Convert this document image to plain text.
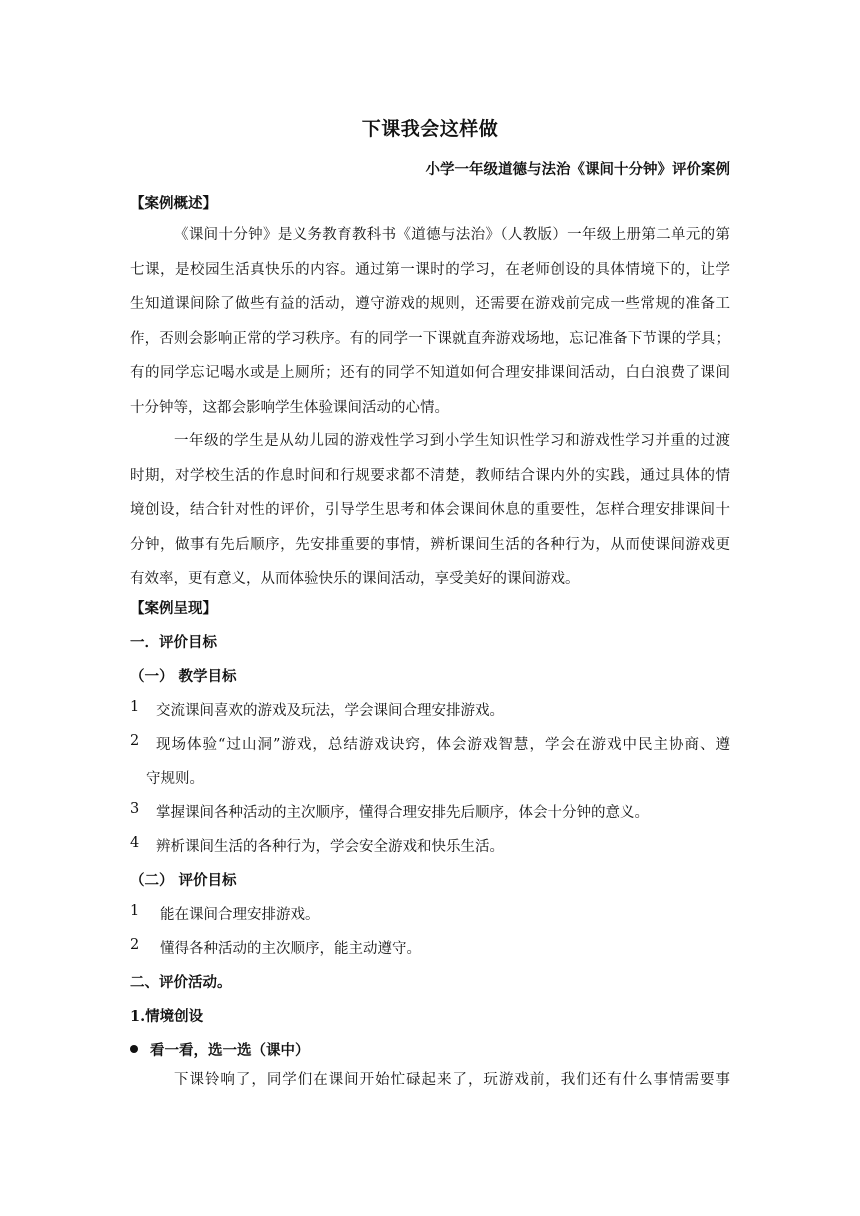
下课我会这样做
小学一年级道德与法治《课间十分钟》评价案例
【案例概述】
《课间十分钟》是义务教育教科书《道德与法治》（人教版）一年级上册第二单元的第
七课，是校园生活真快乐的内容。通过第一课时的学习，在老师创设的具体情境下的，让学
生知道课间除了做些有益的活动，遵守游戏的规则，还需要在游戏前完成一些常规的准备工
作，否则会影响正常的学习秩序。有的同学一下课就直奔游戏场地，忘记准备下节课的学具；
有的同学忘记喝水或是上厕所；还有的同学不知道如何合理安排课间活动，白白浪费了课间
十分钟等，这都会影响学生体验课间活动的心情。
一年级的学生是从幼儿园的游戏性学习到小学生知识性学习和游戏性学习并重的过渡
时期，对学校生活的作息时间和行规要求都不清楚，教师结合课内外的实践，通过具体的情
境创设，结合针对性的评价，引导学生思考和体会课间休息的重要性，怎样合理安排课间十
分钟，做事有先后顺序，先安排重要的事情，辨析课间生活的各种行为，从而使课间游戏更
有效率，更有意义，从而体验快乐的课间活动，享受美好的课间游戏。
【案例呈现】
一．评价目标
（一） 教学目标
1 交流课间喜欢的游戏及玩法，学会课间合理安排游戏。
2 现场体验“过山洞”游戏，总结游戏诀窍，体会游戏智慧，学会在游戏中民主协商、遵
守规则。
3 掌握课间各种活动的主次顺序，懂得合理安排先后顺序，体会十分钟的意义。
4 辨析课间生活的各种行为，学会安全游戏和快乐生活。
（二） 评价目标
1 能在课间合理安排游戏。
2 懂得各种活动的主次顺序，能主动遵守。
二、评价活动。
1.情境创设
看一看，选一选（课中）
下课铃响了，同学们在课间开始忙碌起来了，玩游戏前，我们还有什么事情需要事
